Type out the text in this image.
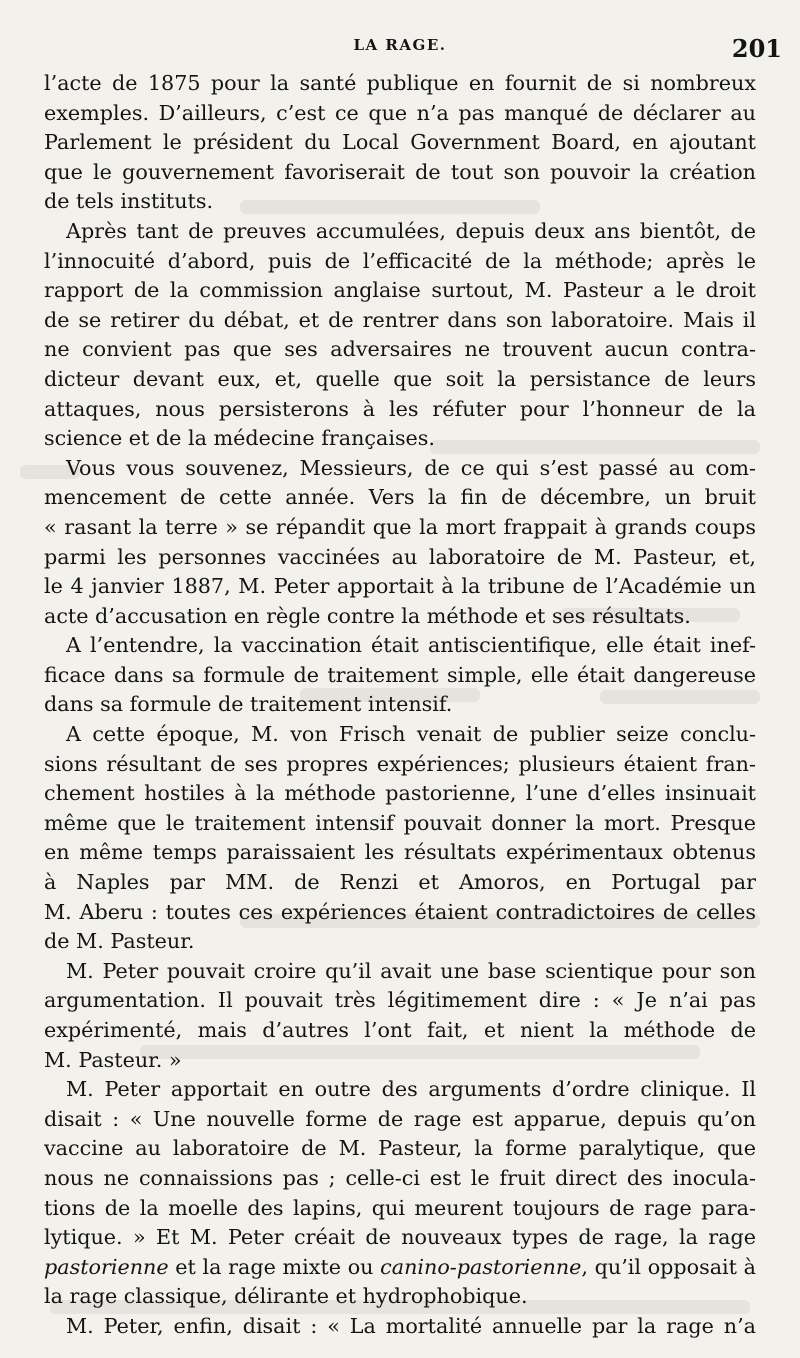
LA RAGE.	201
l’acte de 1875 pour la santé publique en fournit de si nombreux
exemples. D’ailleurs, c’est ce que n’a pas manqué de déclarer au
Parlement le président du Local Government Board, en ajoutant
que le gouvernement favoriserait de tout son pouvoir la création
de tels instituts.
Après tant de preuves accumulées, depuis deux ans bientôt, de
l’innocuité d’abord, puis de l’efficacité de la méthode; après le
rapport de la commission anglaise surtout, M. Pasteur a le droit
de se retirer du débat, et de rentrer dans son laboratoire. Mais il
ne convient pas que ses adversaires ne trouvent aucun contra-
dicteur devant eux, et, quelle que soit la persistance de leurs
attaques, nous persisterons à les réfuter pour l’honneur de la
science et de la médecine françaises.
Vous vous souvenez, Messieurs, de ce qui s’est passé au com-
mencement de cette année. Vers la fin de décembre, un bruit
« rasant la terre » se répandit que la mort frappait à grands coups
parmi les personnes vaccinées au laboratoire de M. Pasteur, et,
le 4 janvier 1887, M. Peter apportait à la tribune de l’Académie un
acte d’accusation en règle contre la méthode et ses résultats.
A l’entendre, la vaccination était antiscientifique, elle était inef-
ficace dans sa formule de traitement simple, elle était dangereuse
dans sa formule de traitement intensif.
A cette époque, M. von Frisch venait de publier seize conclu-
sions résultant de ses propres expériences; plusieurs étaient fran-
chement hostiles à la méthode pastorienne, l’une d’elles insinuait
même que le traitement intensif pouvait donner la mort. Presque
en même temps paraissaient les résultats expérimentaux obtenus
à Naples par MM. de Renzi et Amoros, en Portugal par
M. Aberu : toutes ces expériences étaient contradictoires de celles
de M. Pasteur.
M. Peter pouvait croire qu’il avait une base scientique pour son
argumentation. Il pouvait très légitimement dire : « Je n’ai pas
expérimenté, mais d’autres l’ont fait, et nient la méthode de
M. Pasteur. »
M. Peter apportait en outre des arguments d’ordre clinique. Il
disait : « Une nouvelle forme de rage est apparue, depuis qu’on
vaccine au laboratoire de M. Pasteur, la forme paralytique, que
nous ne connaissions pas ; celle-ci est le fruit direct des inocula-
tions de la moelle des lapins, qui meurent toujours de rage para-
lytique. » Et M. Peter créait de nouveaux types de rage, la rage
pastorienne et la rage mixte ou canino-pastorienne, qu’il opposait à
la rage classique, délirante et hydrophobique.
M. Peter, enfin, disait : « La mortalité annuelle par la rage n’a
